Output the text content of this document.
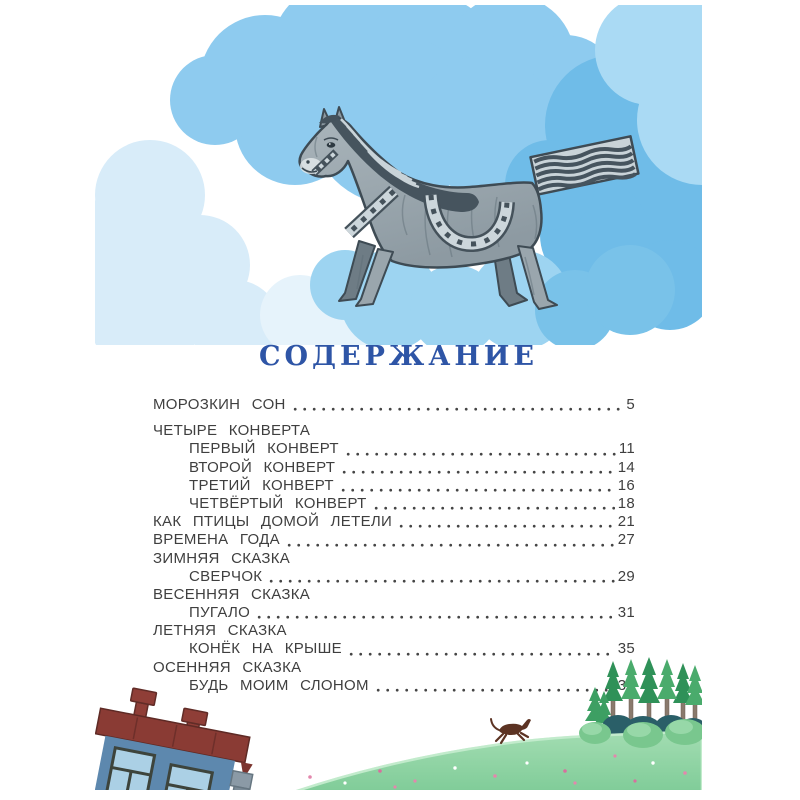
СОДЕРЖАНИЕ
МОРОЗКИН СОН	5
ЧЕТЫРЕ КОНВЕРТА
ПЕРВЫЙ КОНВЕРТ	11
ВТОРОЙ КОНВЕРТ	14
ТРЕТИЙ КОНВЕРТ	16
ЧЕТВЁРТЫЙ КОНВЕРТ	18
КАК ПТИЦЫ ДОМОЙ ЛЕТЕЛИ	21
ВРЕМЕНА ГОДА	27
ЗИМНЯЯ СКАЗКА
СВЕРЧОК	29
ВЕСЕННЯЯ СКАЗКА
ПУГАЛО	31
ЛЕТНЯЯ СКАЗКА
КОНЁК НА КРЫШЕ	35
ОСЕННЯЯ СКАЗКА
БУДЬ МОИМ СЛОНОМ
